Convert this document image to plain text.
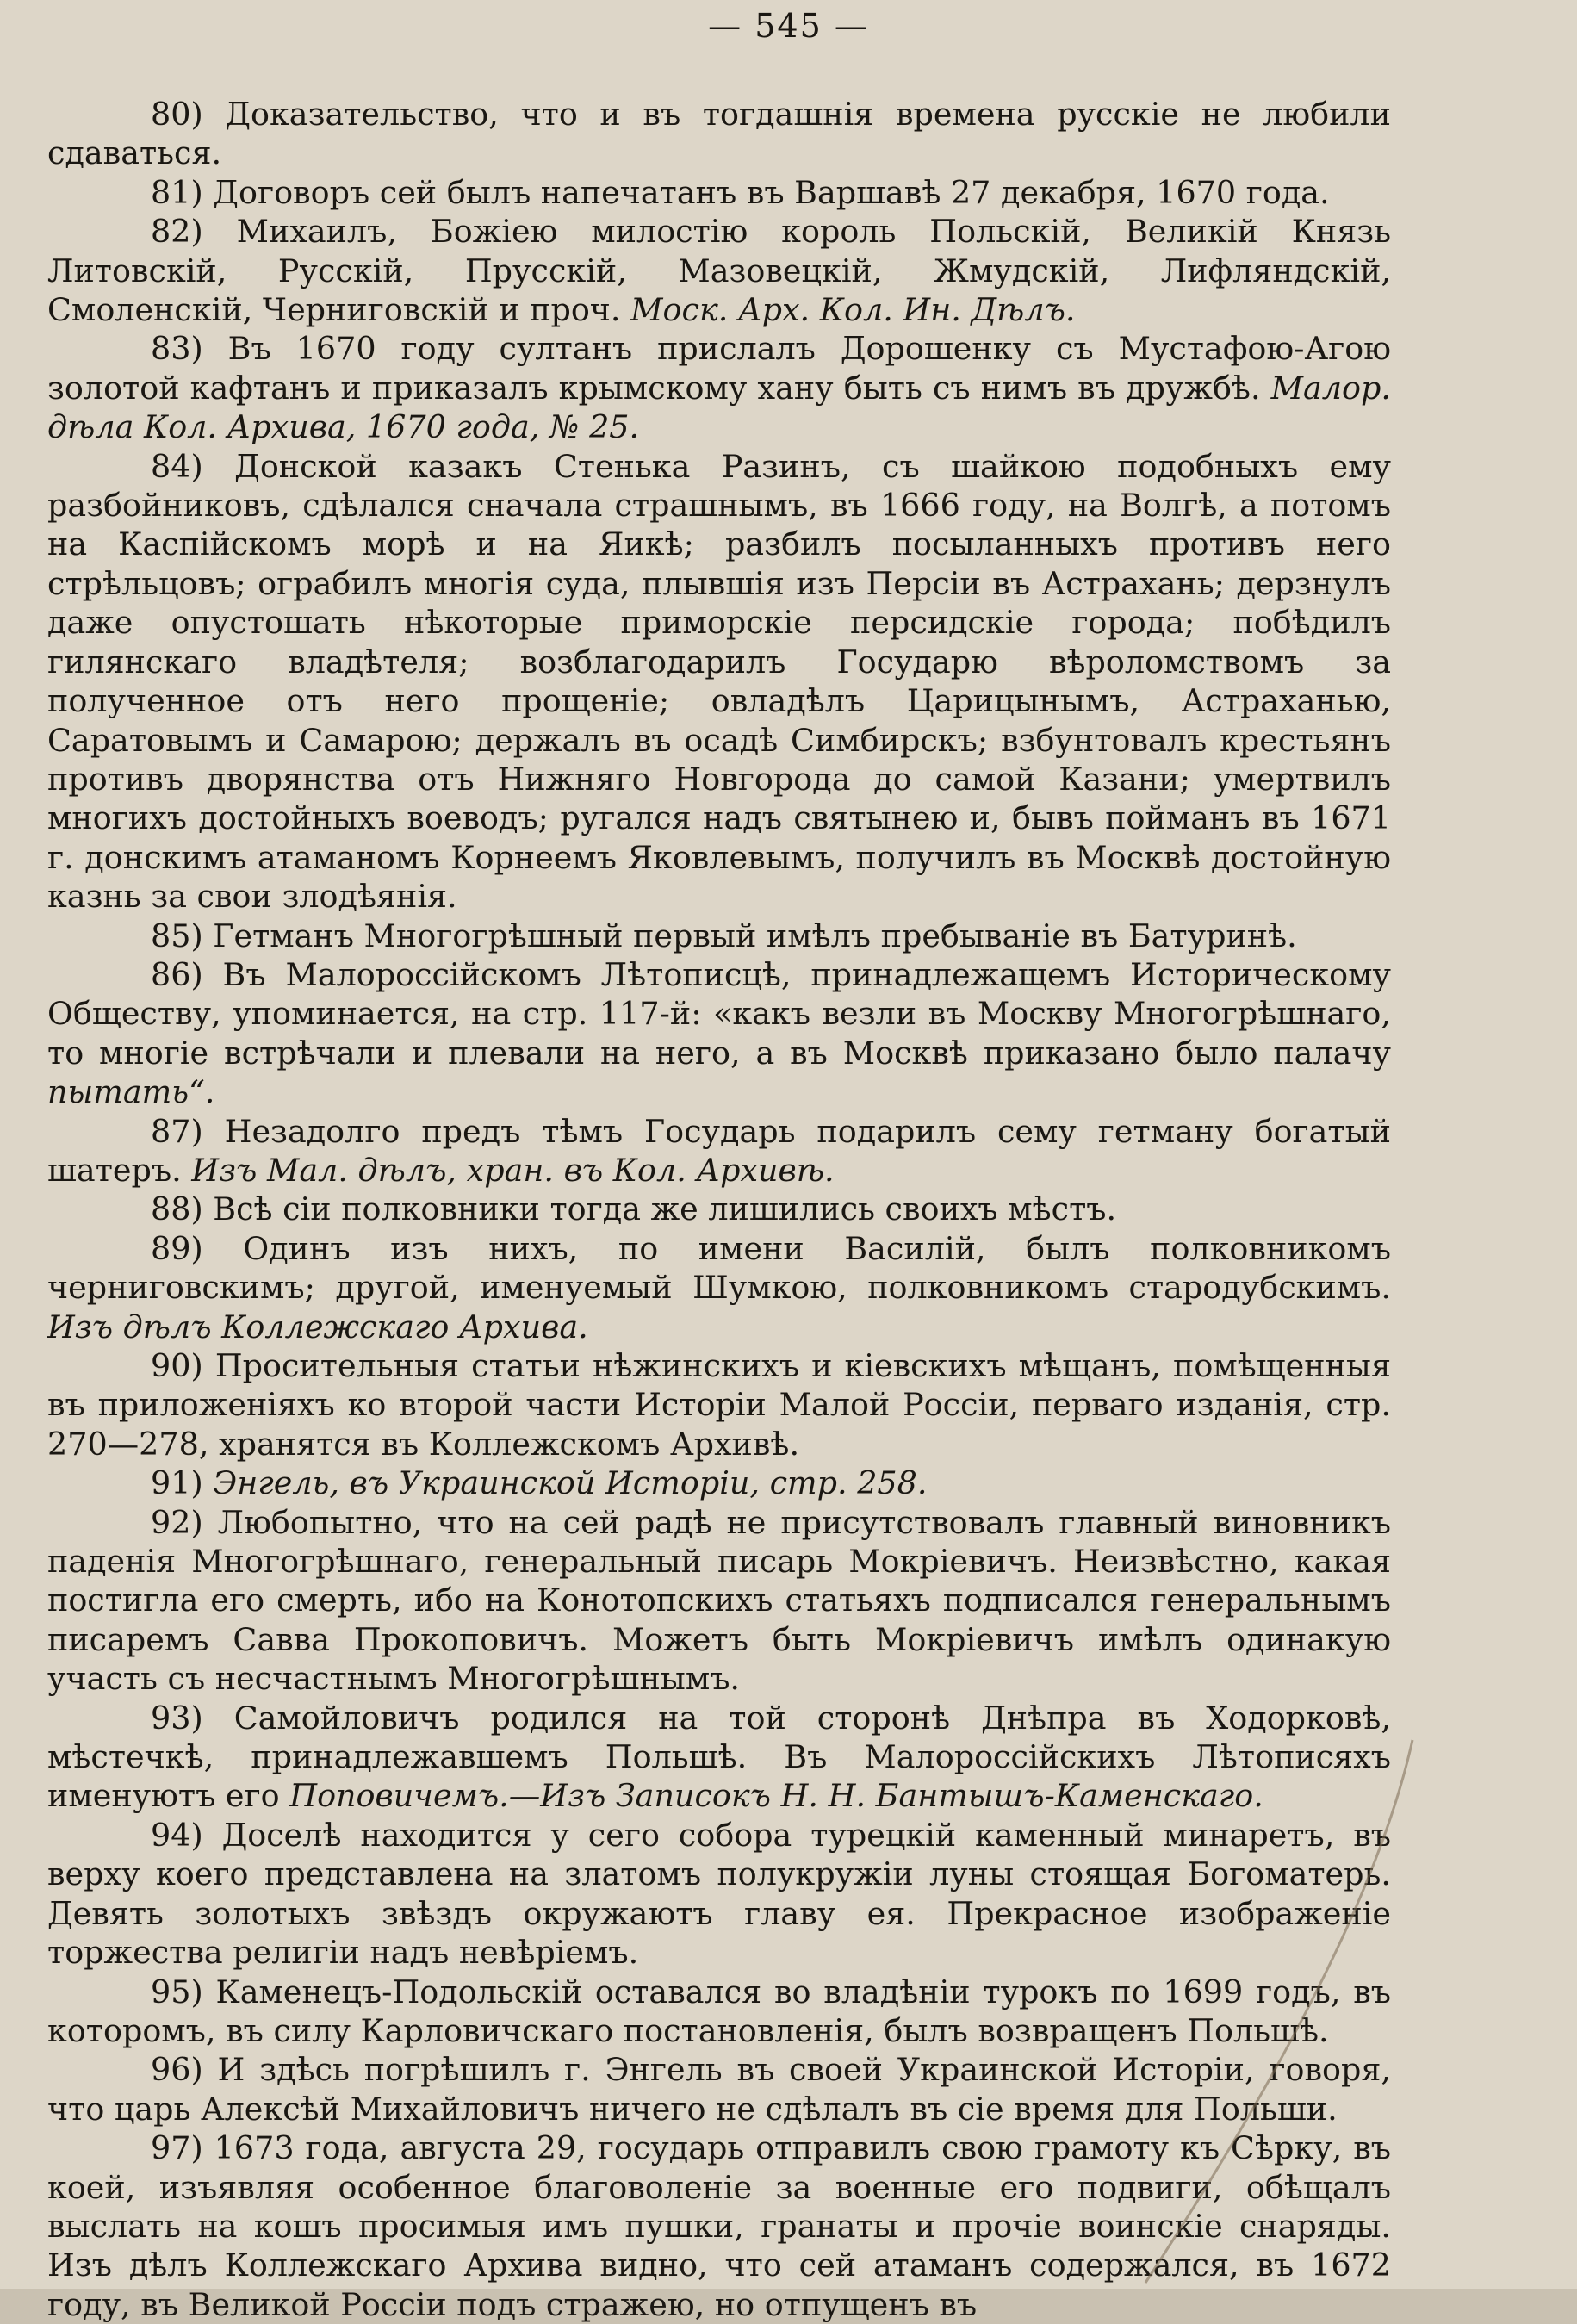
— 545 —

80) Доказательство, что и въ тогдашнія времена русскіе не любили сдаваться.

81) Договоръ сей былъ напечатанъ въ Варшавѣ 27 декабря, 1670 года.

82) Михаилъ, Божіею милостію король Польскій, Великій Князь Литовскій, Русскій, Прусскій, Мазовецкій, Жмудскій, Лифляндскій, Смоленскій, Черниговскій и проч. Моск. Арх. Кол. Ин. Дѣлъ.

83) Въ 1670 году султанъ прислалъ Дорошенку съ Мустафою-Агою золотой кафтанъ и приказалъ крымскому хану быть съ нимъ въ дружбѣ. Малор. дѣла Кол. Архива, 1670 года, № 25.

84) Донской казакъ Стенька Разинъ, съ шайкою подобныхъ ему разбойниковъ, сдѣлался сначала страшнымъ, въ 1666 году, на Волгѣ, а потомъ на Каспійскомъ морѣ и на Яикѣ; разбилъ посыланныхъ противъ него стрѣльцовъ; ограбилъ многія суда, плывшія изъ Персіи въ Астрахань; дерзнулъ даже опустошать нѣкоторые приморскіе персидскіе города; побѣдилъ гилянскаго владѣтеля; возблагодарилъ Государю вѣроломствомъ за полученное отъ него прощеніе; овладѣлъ Царицынымъ, Астраханью, Саратовымъ и Самарою; держалъ въ осадѣ Симбирскъ; взбунтовалъ крестьянъ противъ дворянства отъ Нижняго Новгорода до самой Казани; умертвилъ многихъ достойныхъ воеводъ; ругался надъ святынею и, бывъ пойманъ въ 1671 г. донскимъ атаманомъ Корнеемъ Яковлевымъ, получилъ въ Москвѣ достойную казнь за свои злодѣянія.

85) Гетманъ Многогрѣшный первый имѣлъ пребываніе въ Батуринѣ.

86) Въ Малороссійскомъ Лѣтописцѣ, принадлежащемъ Историческому Обществу, упоминается, на стр. 117-й: «какъ везли въ Москву Многогрѣшнаго, то многіе встрѣчали и плевали на него, а въ Москвѣ приказано было палачу пытать“.

87) Незадолго предъ тѣмъ Государь подарилъ сему гетману богатый шатеръ. Изъ Мал. дѣлъ, хран. въ Кол. Архивѣ.

88) Всѣ сіи полковники тогда же лишились своихъ мѣстъ.

89) Одинъ изъ нихъ, по имени Василій, былъ полковникомъ черниговскимъ; другой, именуемый Шумкою, полковникомъ стародубскимъ. Изъ дѣлъ Коллежскаго Архива.

90) Просительныя статьи нѣжинскихъ и кіевскихъ мѣщанъ, помѣщенныя въ приложеніяхъ ко второй части Исторіи Малой Россіи, перваго изданія, стр. 270—278, хранятся въ Коллежскомъ Архивѣ.

91) Энгель, въ Украинской Исторіи, стр. 258.

92) Любопытно, что на сей радѣ не присутствовалъ главный виновникъ паденія Многогрѣшнаго, генеральный писарь Мокріевичъ. Неизвѣстно, какая постигла его смерть, ибо на Конотопскихъ статьяхъ подписался генеральнымъ писаремъ Савва Прокоповичъ. Можетъ быть Мокріевичъ имѣлъ одинакую участь съ несчастнымъ Многогрѣшнымъ.

93) Самойловичъ родился на той сторонѣ Днѣпра въ Ходорковѣ, мѣстечкѣ, принадлежавшемъ Польшѣ. Въ Малороссійскихъ Лѣтописяхъ именуютъ его Поповичемъ.—Изъ Записокъ Н. Н. Бантышъ-Каменскаго.

94) Доселѣ находится у сего собора турецкій каменный минаретъ, въ верху коего представлена на златомъ полукружіи луны стоящая Богоматерь. Девять золотыхъ звѣздъ окружаютъ главу ея. Прекрасное изображеніе торжества религіи надъ невѣріемъ.

95) Каменецъ-Подольскій оставался во владѣніи турокъ по 1699 годъ, въ которомъ, въ силу Карловичскаго постановленія, былъ возвращенъ Польшѣ.

96) И здѣсь погрѣшилъ г. Энгель въ своей Украинской Исторіи, говоря, что царь Алексѣй Михайловичъ ничего не сдѣлалъ въ сіе время для Польши.

97) 1673 года, августа 29, государь отправилъ свою грамоту къ Сѣрку, въ коей, изъявляя особенное благоволеніе за военные его подвиги, обѣщалъ выслать на кошъ просимыя имъ пушки, гранаты и прочіе воинскіе снаряды. Изъ дѣлъ Коллежскаго Архива видно, что сей атаманъ содержался, въ 1672 году, въ Великой Россіи подъ стражею, но отпущенъ въ
